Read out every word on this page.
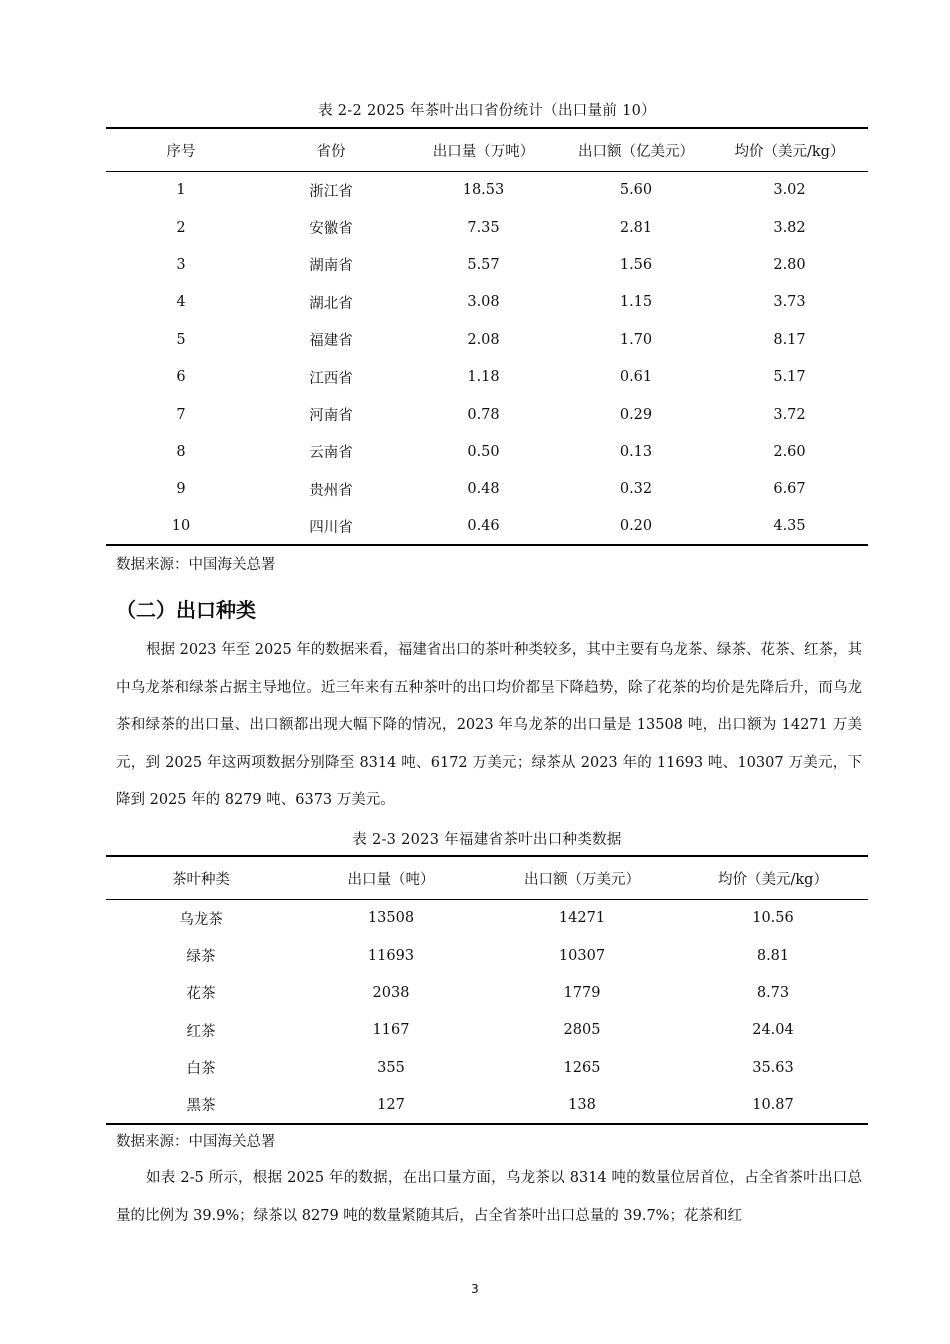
表 2-2 2025 年茶叶出口省份统计（出口量前 10）
序号	省份	出口量（万吨）	出口额（亿美元）	均价（美元/kg）
1	浙江省	18.53	5.60	3.02
2	安徽省	7.35	2.81	3.82
3	湖南省	5.57	1.56	2.80
4	湖北省	3.08	1.15	3.73
5	福建省	2.08	1.70	8.17
6	江西省	1.18	0.61	5.17
7	河南省	0.78	0.29	3.72
8	云南省	0.50	0.13	2.60
9	贵州省	0.48	0.32	6.67
10	四川省	0.46	0.20	4.35
数据来源：中国海关总署
（二）出口种类

根据 2023 年至 2025 年的数据来看，福建省出口的茶叶种类较多，其中主要有乌龙茶、绿茶、花茶、红茶，其中乌龙茶和绿茶占据主导地位。近三年来有五种茶叶的出口均价都呈下降趋势，除了花茶的均价是先降后升，而乌龙茶和绿茶的出口量、出口额都出现大幅下降的情况，2023 年乌龙茶的出口量是 13508 吨，出口额为 14271 万美元，到 2025 年这两项数据分别降至 8314 吨、6172 万美元；绿茶从 2023 年的 11693 吨、10307 万美元，下降到 2025 年的 8279 吨、6373 万美元。

表 2-3 2023 年福建省茶叶出口种类数据
茶叶种类	出口量（吨）	出口额（万美元）	均价（美元/kg）
乌龙茶	13508	14271	10.56
绿茶	11693	10307	8.81
花茶	2038	1779	8.73
红茶	1167	2805	24.04
白茶	355	1265	35.63
黑茶	127	138	10.87
数据来源：中国海关总署

如表 2-5 所示，根据 2025 年的数据，在出口量方面，乌龙茶以 8314 吨的数量位居首位，占全省茶叶出口总量的比例为 39.9%；绿茶以 8279 吨的数量紧随其后，占全省茶叶出口总量的 39.7%；花茶和红

3
